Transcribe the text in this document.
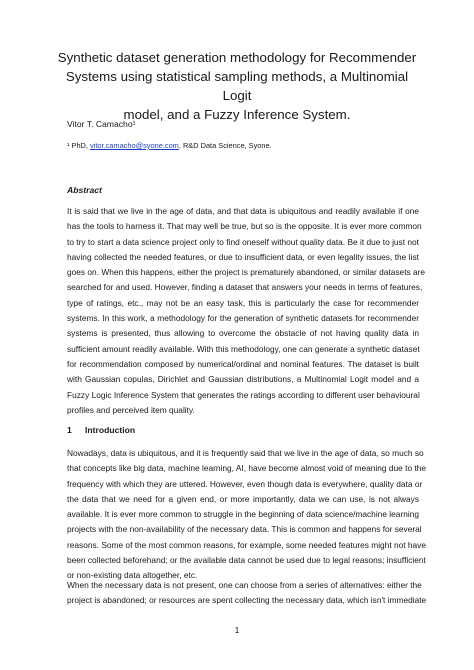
Synthetic dataset generation methodology for Recommender
Systems using statistical sampling methods, a Multinomial Logit
model, and a Fuzzy Inference System.
Vitor T. Camacho¹
¹ PhD, vitor.camacho@syone.com, R&D Data Science, Syone.
Abstract
It is said that we live in the age of data, and that data is ubiquitous and readily available if one
has the tools to harness it. That may well be true, but so is the opposite. It is ever more common
to try to start a data science project only to find oneself without quality data. Be it due to just not
having collected the needed features, or due to insufficient data, or even legality issues, the list
goes on. When this happens, either the project is prematurely abandoned, or similar datasets are
searched for and used. However, finding a dataset that answers your needs in terms of features,
type of ratings, etc., may not be an easy task, this is particularly the case for recommender
systems. In this work, a methodology for the generation of synthetic datasets for recommender
systems is presented, thus allowing to overcome the obstacle of not having quality data in
sufficient amount readily available. With this methodology, one can generate a synthetic dataset
for recommendation composed by numerical/ordinal and nominal features. The dataset is built
with Gaussian copulas, Dirichlet and Gaussian distributions, a Multinomial Logit model and a
Fuzzy Logic Inference System that generates the ratings according to different user behavioural
profiles and perceived item quality.
1 Introduction
Nowadays, data is ubiquitous, and it is frequently said that we live in the age of data, so much so
that concepts like big data, machine learning, AI, have become almost void of meaning due to the
frequency with which they are uttered. However, even though data is everywhere, quality data or
the data that we need for a given end, or more importantly, data we can use, is not always
available. It is ever more common to struggle in the beginning of data science/machine learning
projects with the non-availability of the necessary data. This is common and happens for several
reasons. Some of the most common reasons, for example, some needed features might not have
been collected beforehand; or the available data cannot be used due to legal reasons; insufficient
or non-existing data altogether, etc.
When the necessary data is not present, one can choose from a series of alternatives: either the
project is abandoned; or resources are spent collecting the necessary data, which isn't immediate
1
